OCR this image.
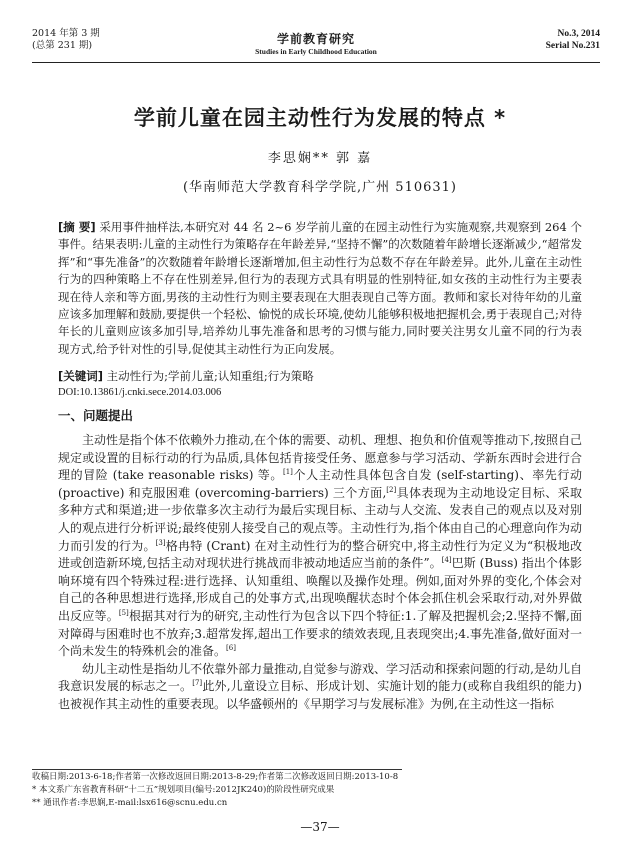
2014 年第 3 期
(总第 231 期)	学前教育研究
Studies in Early Childhood Education
No.3, 2014
Serial No.231
学前儿童在园主动性行为发展的特点 *
李思娴** 郭 嘉
(华南师范大学教育科学学院,广州 510631)
[摘 要] 采用事件抽样法,本研究对 44 名 2~6 岁学前儿童的在园主动性行为实施观察,共观察到 264 个事件。结果表明:儿童的主动性行为策略存在年龄差异,“坚持不懈”的次数随着年龄增长逐渐减少,“超常发挥”和“事先准备”的次数随着年龄增长逐渐增加,但主动性行为总数不存在年龄差异。此外,儿童在主动性行为的四种策略上不存在性别差异,但行为的表现方式具有明显的性别特征,如女孩的主动性行为主要表现在待人亲和等方面,男孩的主动性行为则主要表现在大胆表现自己等方面。教师和家长对待年幼的儿童应该多加理解和鼓励,要提供一个轻松、愉悦的成长环境,使幼儿能够积极地把握机会,勇于表现自己;对待年长的儿童则应该多加引导,培养幼儿事先准备和思考的习惯与能力,同时要关注男女儿童不同的行为表现方式,给予针对性的引导,促使其主动性行为正向发展。
[关键词] 主动性行为;学前儿童;认知重组;行为策略
DOI:10.13861/j.cnki.sece.2014.03.006
一、问题提出

主动性是指个体不依赖外力推动,在个体的需要、动机、理想、抱负和价值观等推动下,按照自己规定或设置的目标行动的行为品质,具体包括肯接受任务、愿意参与学习活动、学新东西时会进行合理的冒险 (take reasonable risks) 等。[1]个人主动性具体包含自发 (self-starting)、率先行动 (proactive) 和克服困难 (overcoming-barriers) 三个方面,[2]具体表现为主动地设定目标、采取多种方式和渠道;进一步依靠多次主动行为最后实现目标、主动与人交流、发表自己的观点以及对别人的观点进行分析评说;最终使别人接受自己的观点等。主动性行为,指个体由自己的心理意向作为动力而引发的行为。[3]格冉特 (Crant) 在对主动性行为的整合研究中,将主动性行为定义为“积极地改进或创造新环境,包括主动对现状进行挑战而非被动地适应当前的条件”。[4]巴斯 (Buss) 指出个体影响环境有四个特殊过程:进行选择、认知重组、唤醒以及操作处理。例如,面对外界的变化,个体会对自己的各种思想进行选择,形成自己的处事方式,出现唤醒状态时个体会抓住机会采取行动,对外界做出反应等。[5]根据其对行为的研究,主动性行为包含以下四个特征:1.了解及把握机会;2.坚持不懈,面对障碍与困难时也不放弃;3.超常发挥,超出工作要求的绩效表现,且表现突出;4.事先准备,做好面对一个尚未发生的特殊机会的准备。[6]

幼儿主动性是指幼儿不依靠外部力量推动,自觉参与游戏、学习活动和探索问题的行动,是幼儿自我意识发展的标志之一。[7]此外,儿童设立目标、形成计划、实施计划的能力(或称自我组织的能力)也被视作其主动性的重要表现。以华盛顿州的《早期学习与发展标准》为例,在主动性这一指标

收稿日期:2013-6-18;作者第一次修改返回日期:2013-8-29;作者第二次修改返回日期:2013-10-8
* 本文系广东省教育科研“十二五”规划项目(编号:2012JK240)的阶段性研究成果
** 通讯作者:李思娴,E-mail:lsx616@scnu.edu.cn
—37—
